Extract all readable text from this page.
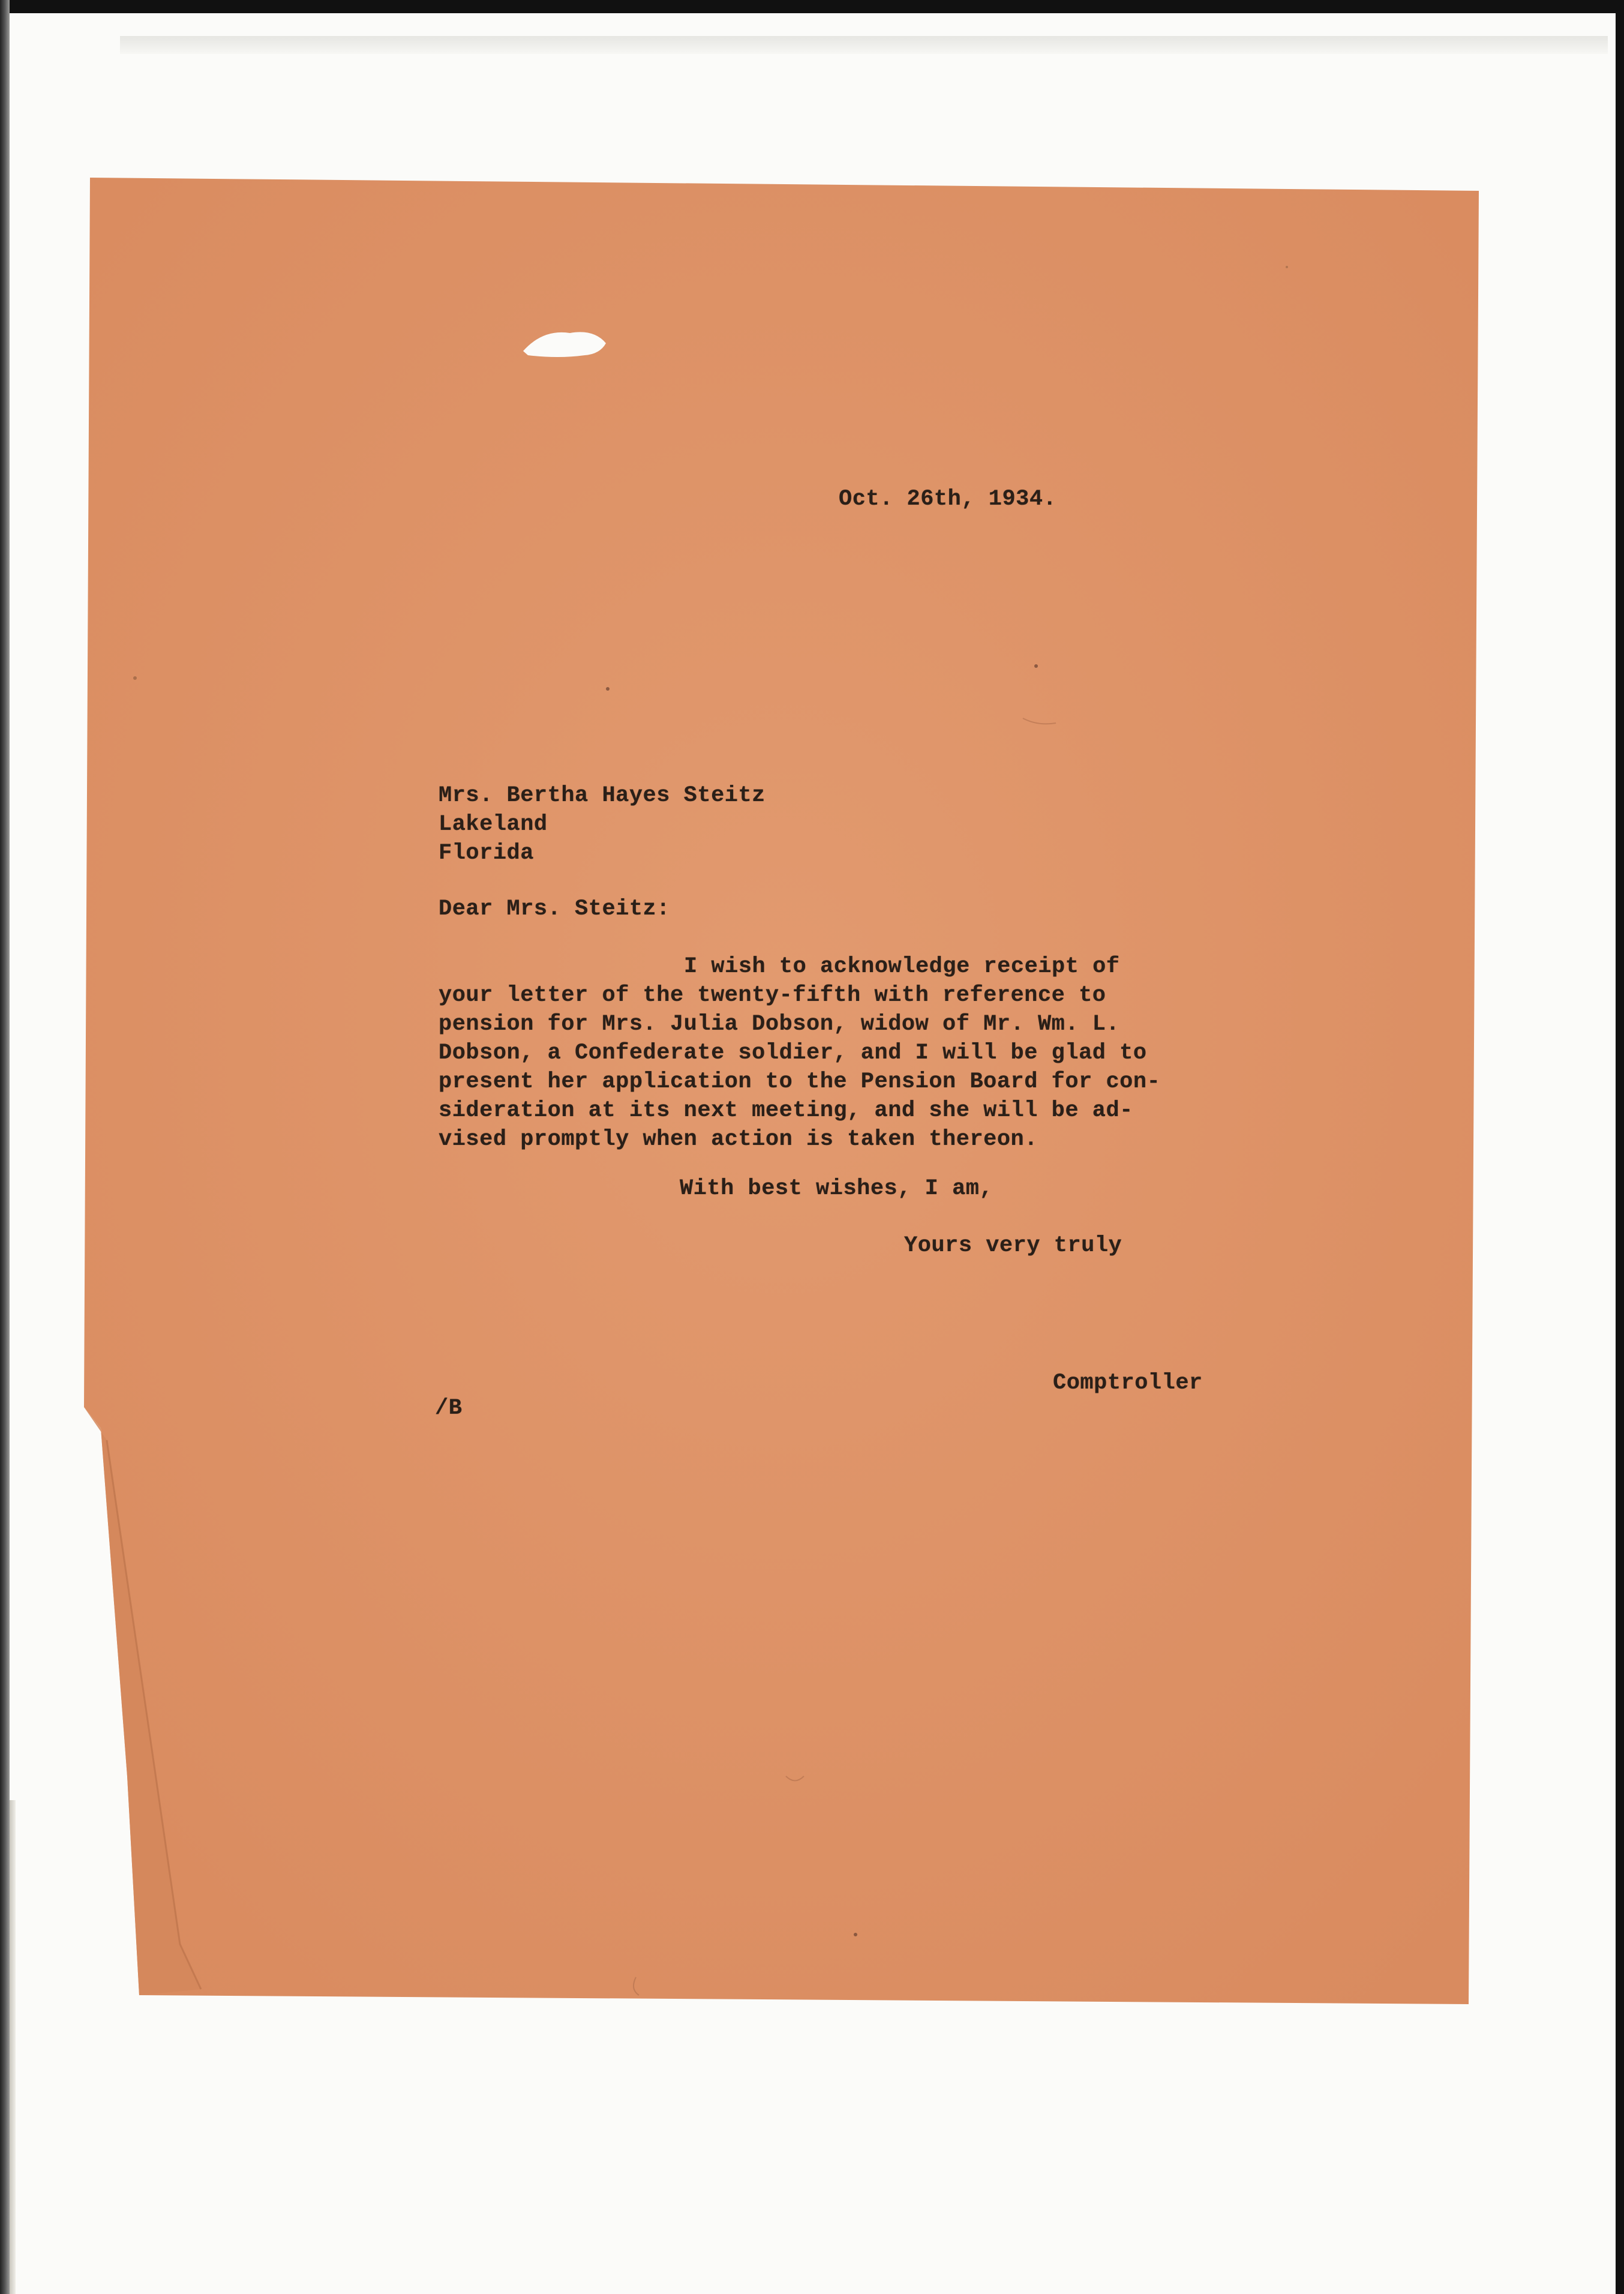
Oct. 26th, 1934.
Mrs. Bertha Hayes Steitz
Lakeland
Florida
Dear Mrs. Steitz:
I wish to acknowledge receipt of
your letter of the twenty-fifth with reference to
pension for Mrs. Julia Dobson, widow of Mr. Wm. L.
Dobson, a Confederate soldier, and I will be glad to
present her application to the Pension Board for con-
sideration at its next meeting, and she will be ad-
vised promptly when action is taken thereon.
With best wishes, I am,
Yours very truly
Comptroller
/B
